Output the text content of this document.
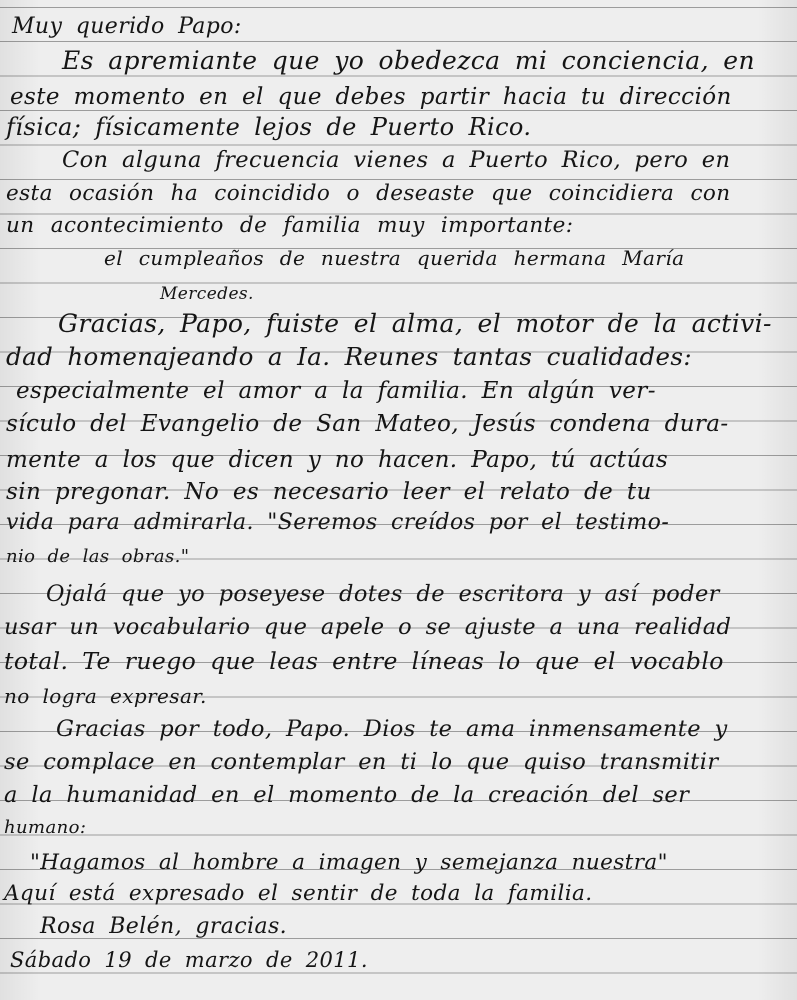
Muy querido Papo:
Es apremiante que yo obedezca mi conciencia, en
este momento en el que debes partir hacia tu dirección
física; físicamente lejos de Puerto Rico.
Con alguna frecuencia vienes a Puerto Rico, pero en
esta ocasión ha coincidido o deseaste que coincidiera con
un acontecimiento de familia muy importante:
el cumpleaños de nuestra querida hermana María
Mercedes.
Gracias, Papo, fuiste el alma, el motor de la activi-
dad homenajeando a Ia. Reunes tantas cualidades:
especialmente el amor a la familia. En algún ver-
sículo del Evangelio de San Mateo, Jesús condena dura-
mente a los que dicen y no hacen. Papo, tú actúas
sin pregonar. No es necesario leer el relato de tu
vida para admirarla. "Seremos creídos por el testimo-
nio de las obras."
Ojalá que yo poseyese dotes de escritora y así poder
usar un vocabulario que apele o se ajuste a una realidad
total. Te ruego que leas entre líneas lo que el vocablo
no logra expresar.
Gracias por todo, Papo. Dios te ama inmensamente y
se complace en contemplar en ti lo que quiso transmitir
a la humanidad en el momento de la creación del ser
humano:
"Hagamos al hombre a imagen y semejanza nuestra"
Aquí está expresado el sentir de toda la familia.
Rosa Belén, gracias.
Sábado 19 de marzo de 2011.
